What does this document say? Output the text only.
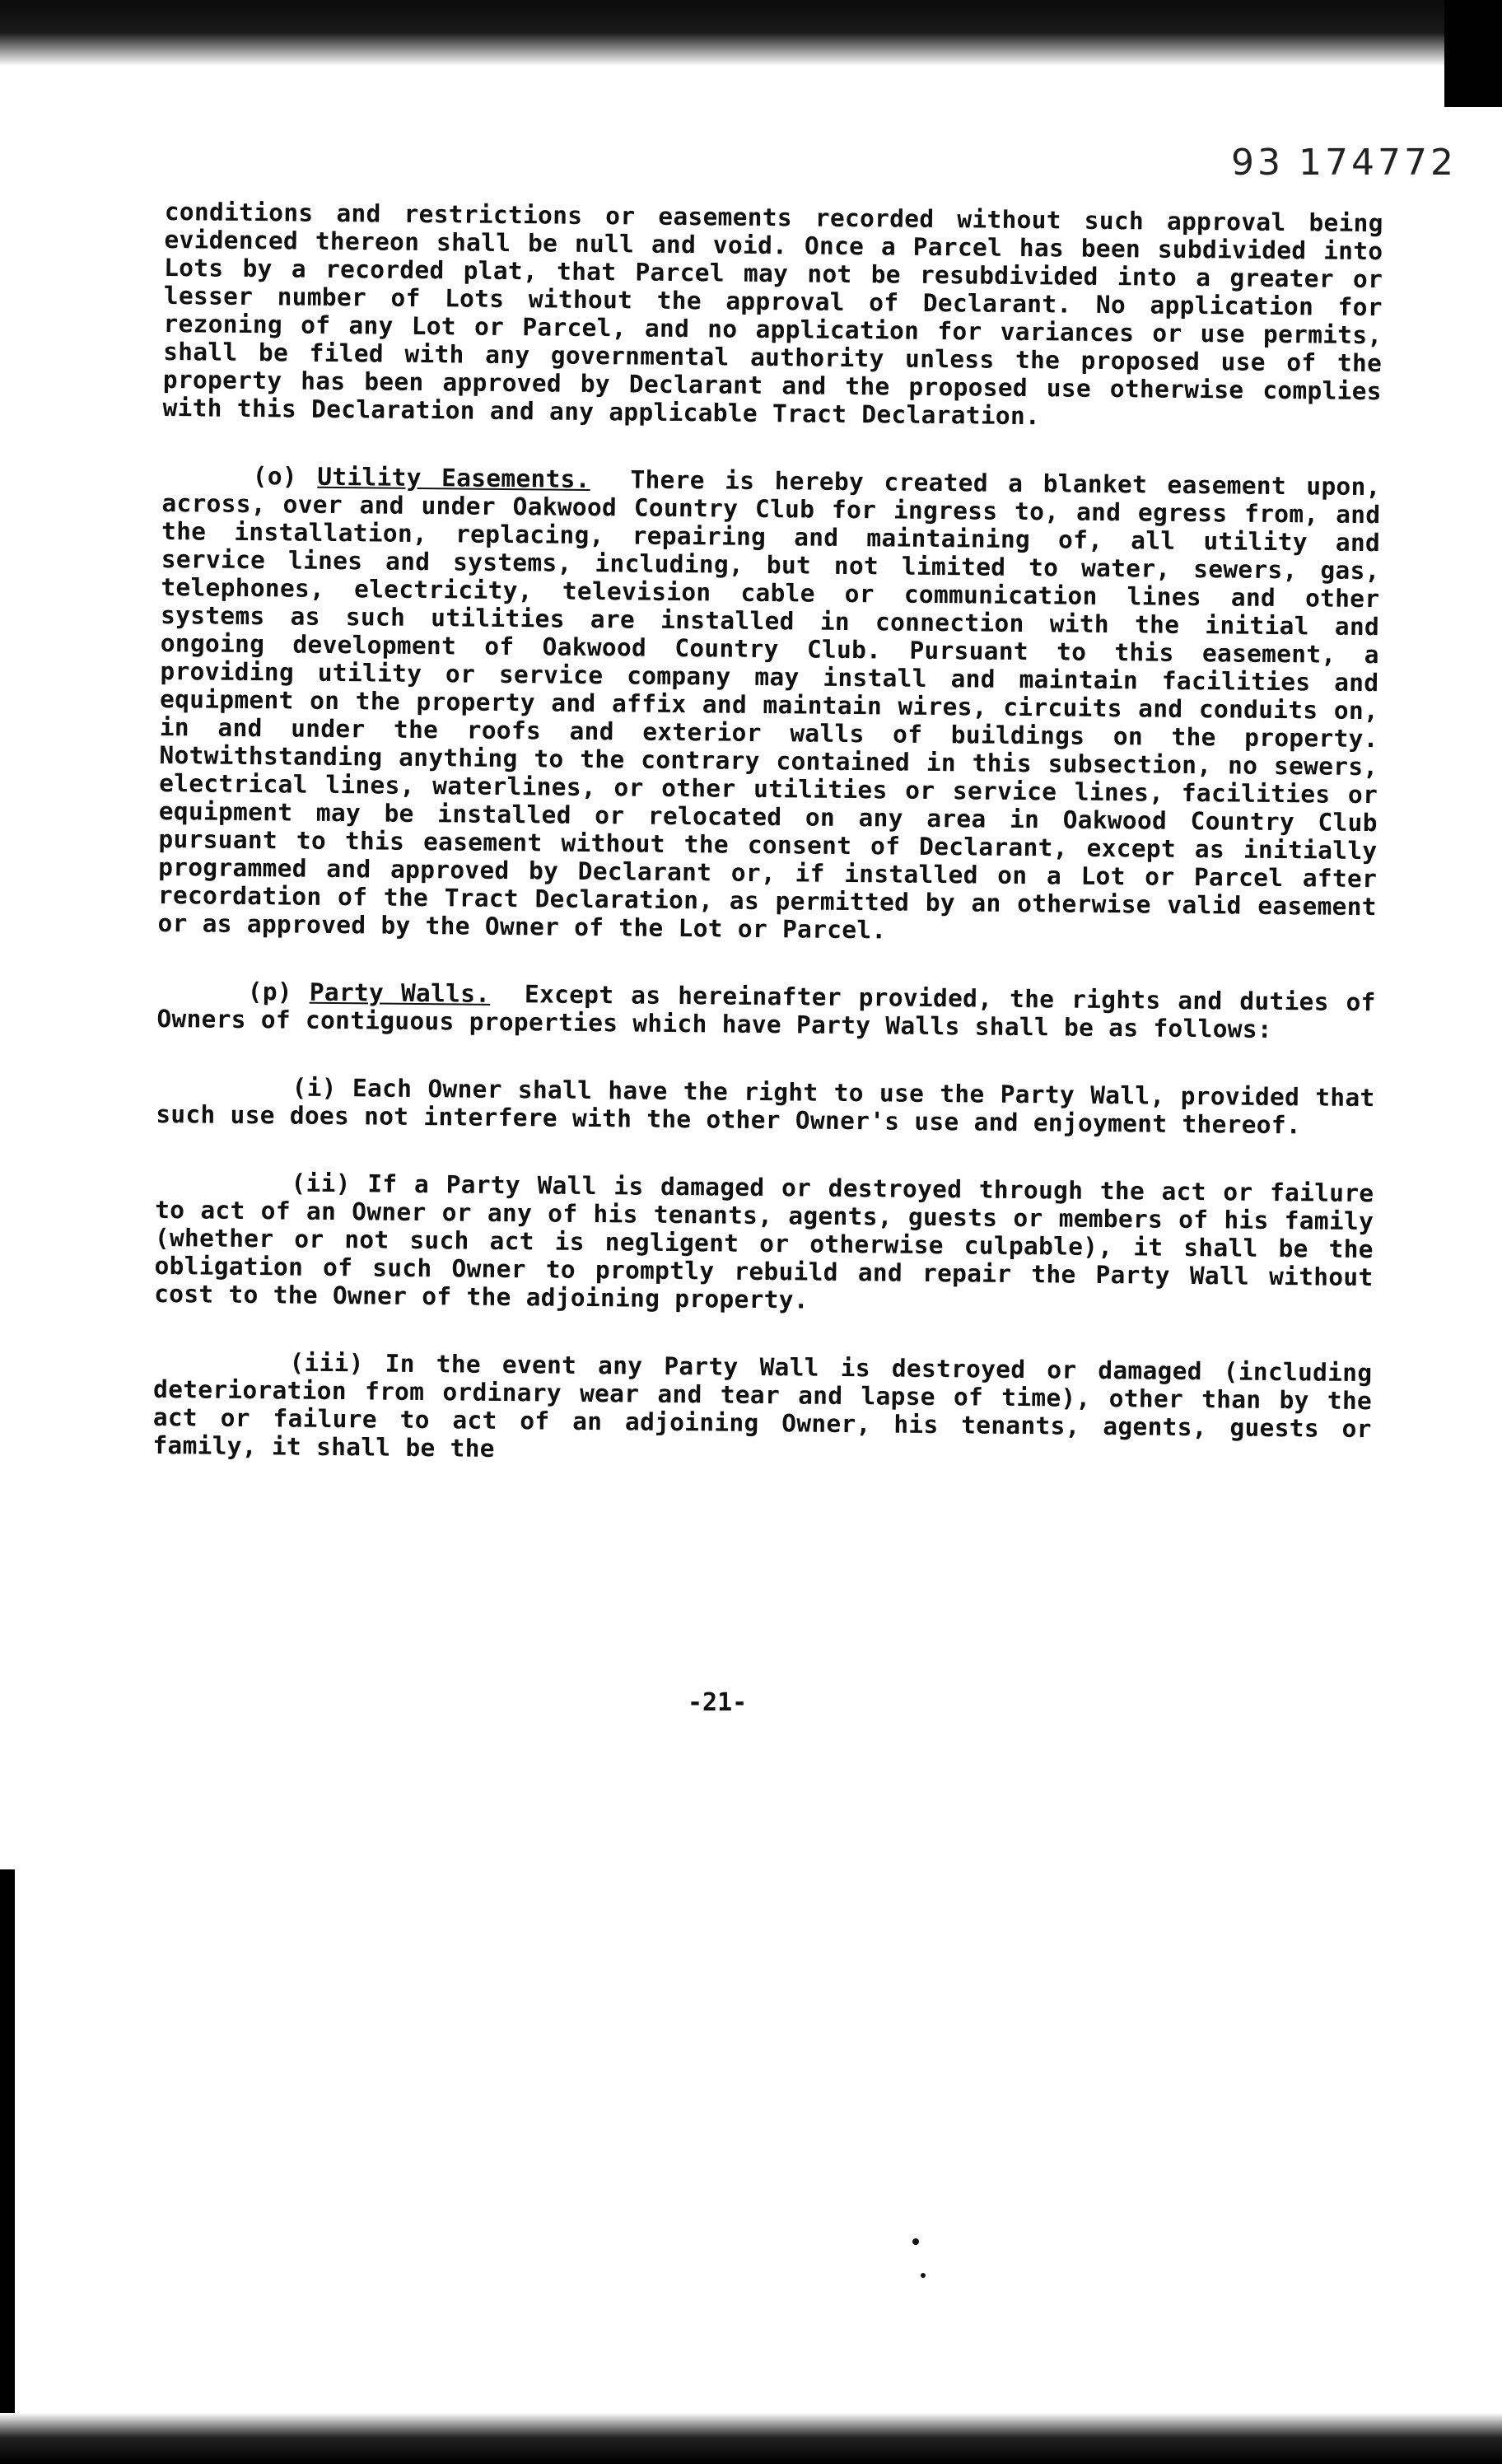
93 174772

conditions and restrictions or easements recorded without such approval being evidenced thereon shall be null and void. Once a Parcel has been subdivided into Lots by a recorded plat, that Parcel may not be resubdivided into a greater or lesser number of Lots without the approval of Declarant. No application for rezoning of any Lot or Parcel, and no application for variances or use permits, shall be filed with any governmental authority unless the proposed use of the property has been approved by Declarant and the proposed use otherwise complies with this Declaration and any applicable Tract Declaration.

(o) Utility Easements. There is hereby created a blanket easement upon, across, over and under Oakwood Country Club for ingress to, and egress from, and the installation, replacing, repairing and maintaining of, all utility and service lines and systems, including, but not limited to water, sewers, gas, telephones, electricity, television cable or communication lines and other systems as such utilities are installed in connection with the initial and ongoing development of Oakwood Country Club. Pursuant to this easement, a providing utility or service company may install and maintain facilities and equipment on the property and affix and maintain wires, circuits and conduits on, in and under the roofs and exterior walls of buildings on the property. Notwithstanding anything to the contrary contained in this subsection, no sewers, electrical lines, waterlines, or other utilities or service lines, facilities or equipment may be installed or relocated on any area in Oakwood Country Club pursuant to this easement without the consent of Declarant, except as initially programmed and approved by Declarant or, if installed on a Lot or Parcel after recordation of the Tract Declaration, as permitted by an otherwise valid easement or as approved by the Owner of the Lot or Parcel.

(p) Party Walls. Except as hereinafter provided, the rights and duties of Owners of contiguous properties which have Party Walls shall be as follows:

(i) Each Owner shall have the right to use the Party Wall, provided that such use does not interfere with the other Owner's use and enjoyment thereof.

(ii) If a Party Wall is damaged or destroyed through the act or failure to act of an Owner or any of his tenants, agents, guests or members of his family (whether or not such act is negligent or otherwise culpable), it shall be the obligation of such Owner to promptly rebuild and repair the Party Wall without cost to the Owner of the adjoining property.

(iii) In the event any Party Wall is destroyed or damaged (including deterioration from ordinary wear and tear and lapse of time), other than by the act or failure to act of an adjoining Owner, his tenants, agents, guests or family, it shall be the

-21-
